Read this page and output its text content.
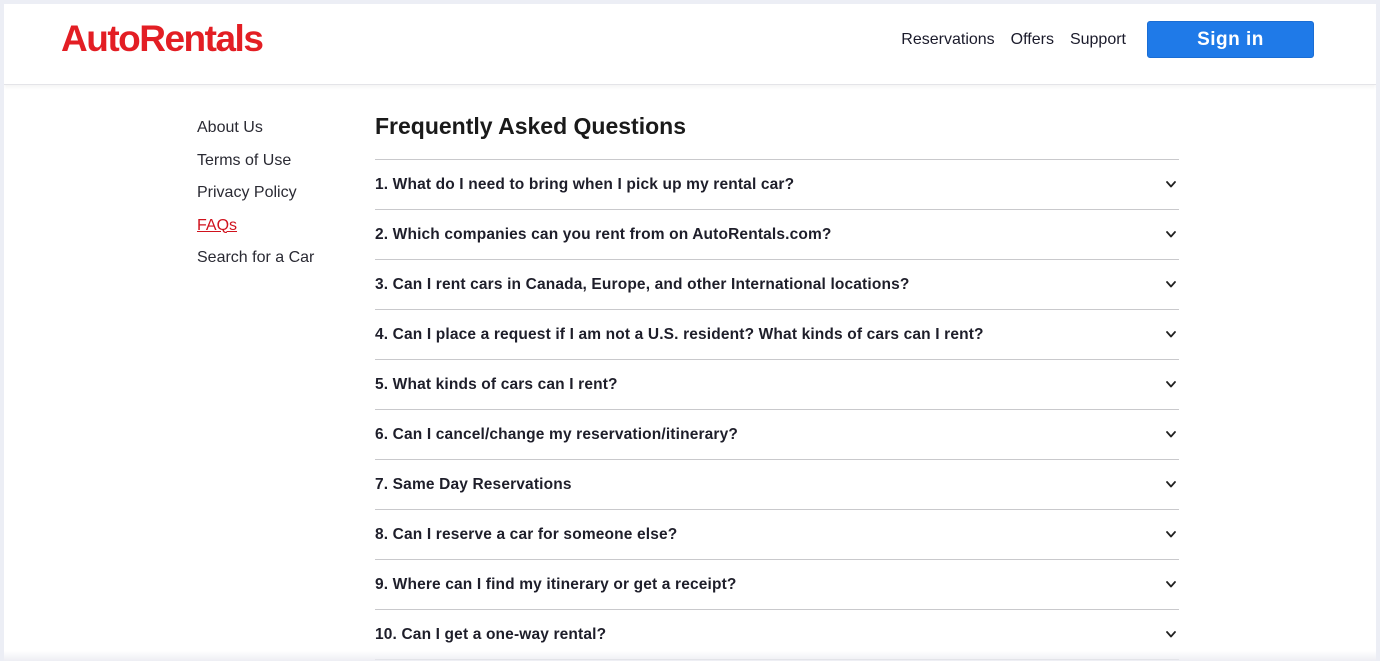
AutoRentals	Reservations Offers Support	Sign in
About Us
Terms of Use
Privacy Policy
FAQs
Search for a Car
Frequently Asked Questions
1. What do I need to bring when I pick up my rental car?
2. Which companies can you rent from on AutoRentals.com?
3. Can I rent cars in Canada, Europe, and other International locations?
4. Can I place a request if I am not a U.S. resident? What kinds of cars can I rent?
5. What kinds of cars can I rent?
6. Can I cancel/change my reservation/itinerary?
7. Same Day Reservations
8. Can I reserve a car for someone else?
9. Where can I find my itinerary or get a receipt?
10. Can I get a one-way rental?
